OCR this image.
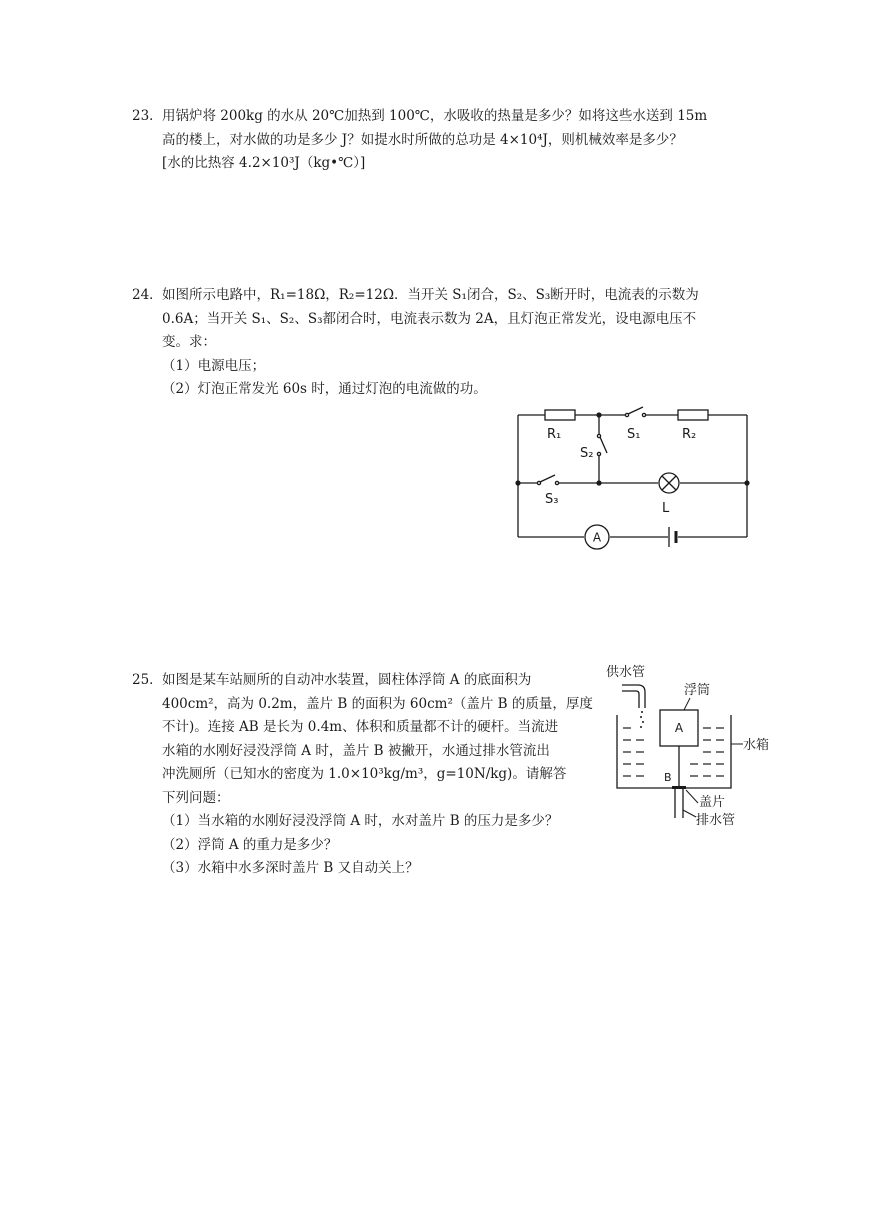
23．用锅炉将 200kg 的水从 20℃加热到 100℃，水吸收的热量是多少？如将这些水送到 15m

高的楼上，对水做的功是多少 J？如提水时所做的总功是 4×10⁴J，则机械效率是多少？

[水的比热容 4.2×10³J（kg•℃）]

24．如图所示电路中，R₁=18Ω，R₂=12Ω．当开关 S₁闭合，S₂、S₃断开时，电流表的示数为

0.6A；当开关 S₁、S₂、S₃都闭合时，电流表示数为 2A，且灯泡正常发光，设电源电压不

变。求：

（1）电源电压；

（2）灯泡正常发光 60s 时，通过灯泡的电流做的功。

A
R₁	S₁	R₂
S₂
S₃
L

25．如图是某车站厕所的自动冲水装置，圆柱体浮筒 A 的底面积为

400cm²，高为 0.2m，盖片 B 的面积为 60cm²（盖片 B 的质量，厚度

不计)。连接 AB 是长为 0.4m、体积和质量都不计的硬杆。当流进

水箱的水刚好浸没浮筒 A 时，盖片 B 被撇开，水通过排水管流出

冲洗厕所（已知水的密度为 1.0×10³kg/m³，g=10N/kg)。请解答

下列问题：

（1）当水箱的水刚好浸没浮筒 A 时，水对盖片 B 的压力是多少？

（2）浮筒 A 的重力是多少？

（3）水箱中水多深时盖片 B 又自动关上？

A
B
供水管
浮筒
水箱
盖片
排水管
